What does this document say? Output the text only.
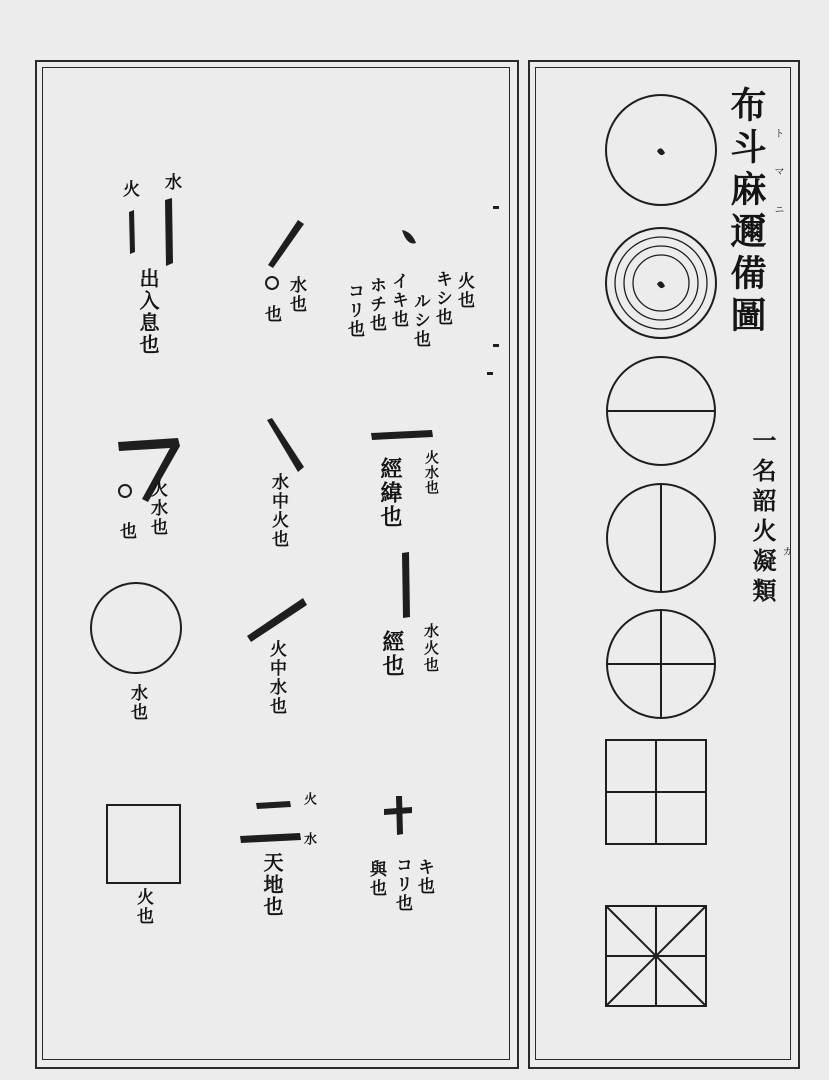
布斗麻邇備圖 トマニ
一名韶火凝類 カ
火 水
出入息也	水也
也
火也
キシ也
ルシ也
イキ也
ホチ也
コリ也
火水也
也	水中火也
火水也
經緯也
水也	火中水也	水火也
經也
火也
火
水
天地也	キ也
コリ也
與也
